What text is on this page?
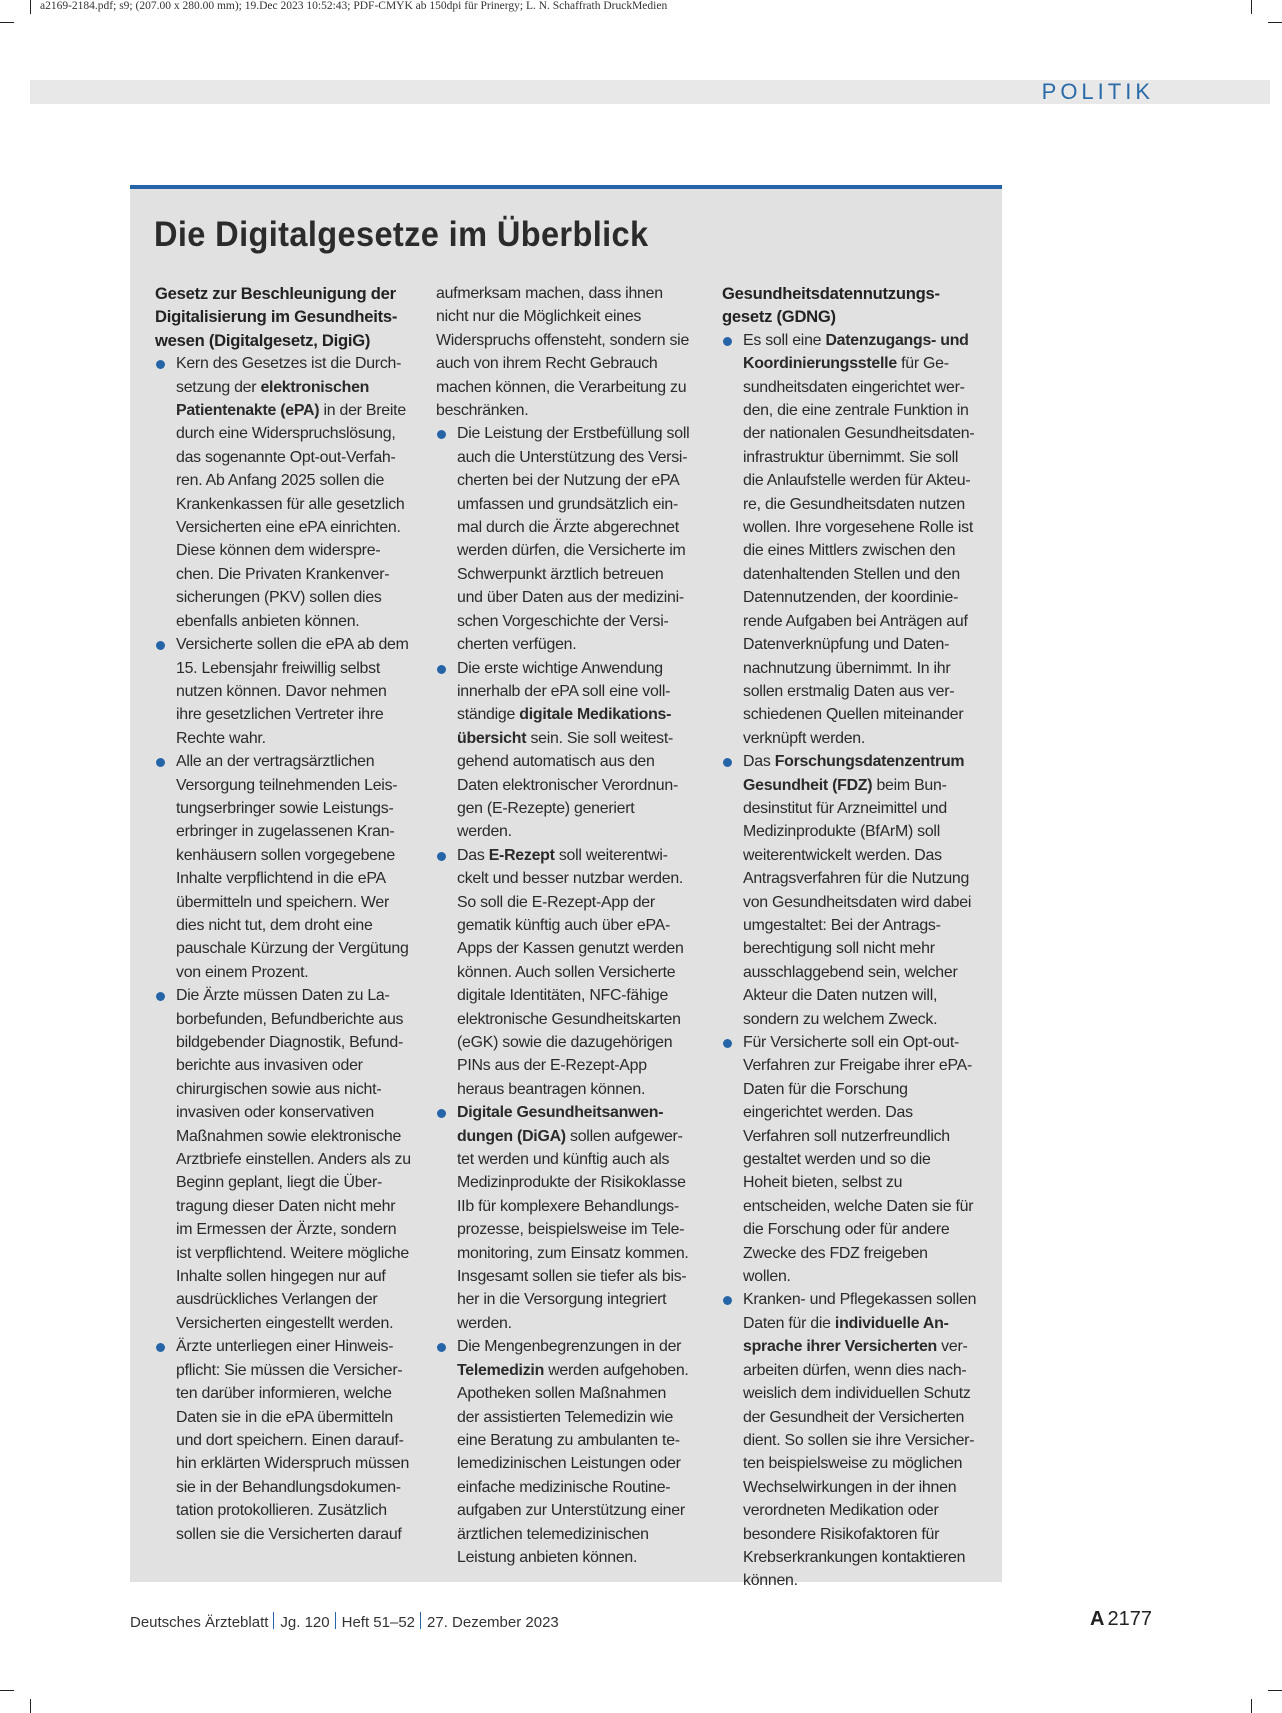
a2169-2184.pdf; s9; (207.00 x 280.00 mm); 19.Dec 2023 10:52:43; PDF-CMYK ab 150dpi für Prinergy; L. N. Schaffrath DruckMedien
POLITIK
Die Digitalgesetze im Überblick

Gesetz zur Beschleunigung der Digitalisierung im Gesundheitswesen (Digitalgesetz, DigiG)

Kern des Gesetzes ist die Durchsetzung der elektronischen Patientenakte (ePA) in der Breite durch eine Widerspruchslösung, das sogenannte Opt-out-Verfahren. Ab Anfang 2025 sollen die Krankenkassen für alle gesetzlich Versicherten eine ePA einrichten. Diese können dem widersprechen. Die Privaten Krankenversicherungen (PKV) sollen dies ebenfalls anbieten können.
Versicherte sollen die ePA ab dem 15. Lebensjahr freiwillig selbst nutzen können. Davor nehmen ihre gesetzlichen Vertreter ihre Rechte wahr.
Alle an der vertragsärztlichen Versorgung teilnehmenden Leistungserbringer sowie Leistungserbringer in zugelassenen Krankenhäusern sollen vorgegebene Inhalte verpflichtend in die ePA übermitteln und speichern. Wer dies nicht tut, dem droht eine pauschale Kürzung der Vergütung von einem Prozent.
Die Ärzte müssen Daten zu Laborbefunden, Befundberichte aus bildgebender Diagnostik, Befundberichte aus invasiven oder chirurgischen sowie aus nichtinvasiven oder konservativen Maßnahmen sowie elektronische Arztbriefe einstellen. Anders als zu Beginn geplant, liegt die Übertragung dieser Daten nicht mehr im Ermessen der Ärzte, sondern ist verpflichtend. Weitere mögliche Inhalte sollen hingegen nur auf ausdrückliches Verlangen der Versicherten eingestellt werden.
Ärzte unterliegen einer Hinweispflicht: Sie müssen die Versicherten darüber informieren, welche Daten sie in die ePA übermitteln und dort speichern. Einen daraufhin erklärten Widerspruch müssen sie in der Behandlungsdokumentation protokollieren. Zusätzlich sollen sie die Versicherten darauf
aufmerksam machen, dass ihnen nicht nur die Möglichkeit eines Widerspruchs offensteht, sondern sie auch von ihrem Recht Gebrauch machen können, die Verarbeitung zu beschränken.
Die Leistung der Erstbefüllung soll auch die Unterstützung des Versicherten bei der Nutzung der ePA umfassen und grundsätzlich einmal durch die Ärzte abgerechnet werden dürfen, die Versicherte im Schwerpunkt ärztlich betreuen und über Daten aus der medizinischen Vorgeschichte der Versicherten verfügen.
Die erste wichtige Anwendung innerhalb der ePA soll eine vollständige digitale Medikationsübersicht sein. Sie soll weitestgehend automatisch aus den Daten elektronischer Verordnungen (E-Rezepte) generiert werden.
Das E-Rezept soll weiterentwickelt und besser nutzbar werden. So soll die E-Rezept-App der gematik künftig auch über ePA-Apps der Kassen genutzt werden können. Auch sollen Versicherte digitale Identitäten, NFC-fähige elektronische Gesundheitskarten (eGK) sowie die dazugehörigen PINs aus der E-Rezept-App heraus beantragen können.
Digitale Gesundheitsanwendungen (DiGA) sollen aufgewertet werden und künftig auch als Medizinprodukte der Risikoklasse IIb für komplexere Behandlungsprozesse, beispielsweise im Telemonitoring, zum Einsatz kommen. Insgesamt sollen sie tiefer als bisher in die Versorgung integriert werden.
Die Mengenbegrenzungen in der Telemedizin werden aufgehoben. Apotheken sollen Maßnahmen der assistierten Telemedizin wie eine Beratung zu ambulanten telemedizinischen Leistungen oder einfache medizinische Routineaufgaben zur Unterstützung einer ärztlichen telemedizinischen Leistung anbieten können.

Gesundheitsdatennutzungsgesetz (GDNG)

Es soll eine Datenzugangs- und Koordinierungsstelle für Gesundheitsdaten eingerichtet werden, die eine zentrale Funktion in der nationalen Gesundheitsdateninfrastruktur übernimmt. Sie soll die Anlaufstelle werden für Akteure, die Gesundheitsdaten nutzen wollen. Ihre vorgesehene Rolle ist die eines Mittlers zwischen den datenhaltenden Stellen und den Datennutzenden, der koordinierende Aufgaben bei Anträgen auf Datenverknüpfung und Datennachnutzung übernimmt. In ihr sollen erstmalig Daten aus verschiedenen Quellen miteinander verknüpft werden.
Das Forschungsdatenzentrum Gesundheit (FDZ) beim Bundesinstitut für Arzneimittel und Medizinprodukte (BfArM) soll weiterentwickelt werden. Das Antragsverfahren für die Nutzung von Gesundheitsdaten wird dabei umgestaltet: Bei der Antragsberechtigung soll nicht mehr ausschlaggebend sein, welcher Akteur die Daten nutzen will, sondern zu welchem Zweck.
Für Versicherte soll ein Opt-out-Verfahren zur Freigabe ihrer ePA-Daten für die Forschung eingerichtet werden. Das Verfahren soll nutzerfreundlich gestaltet werden und so die Hoheit bieten, selbst zu entscheiden, welche Daten sie für die Forschung oder für andere Zwecke des FDZ freigeben wollen.
Kranken- und Pflegekassen sollen Daten für die individuelle Ansprache ihrer Versicherten verarbeiten dürfen, wenn dies nachweislich dem individuellen Schutz der Gesundheit der Versicherten dient. So sollen sie ihre Versicherten beispielsweise zu möglichen Wechselwirkungen in der ihnen verordneten Medikation oder besondere Risikofaktoren für Krebserkrankungen kontaktieren können.
Deutsches Ärzteblatt Jg. 120 Heft 51–52 27. Dezember 2023	A 2177
